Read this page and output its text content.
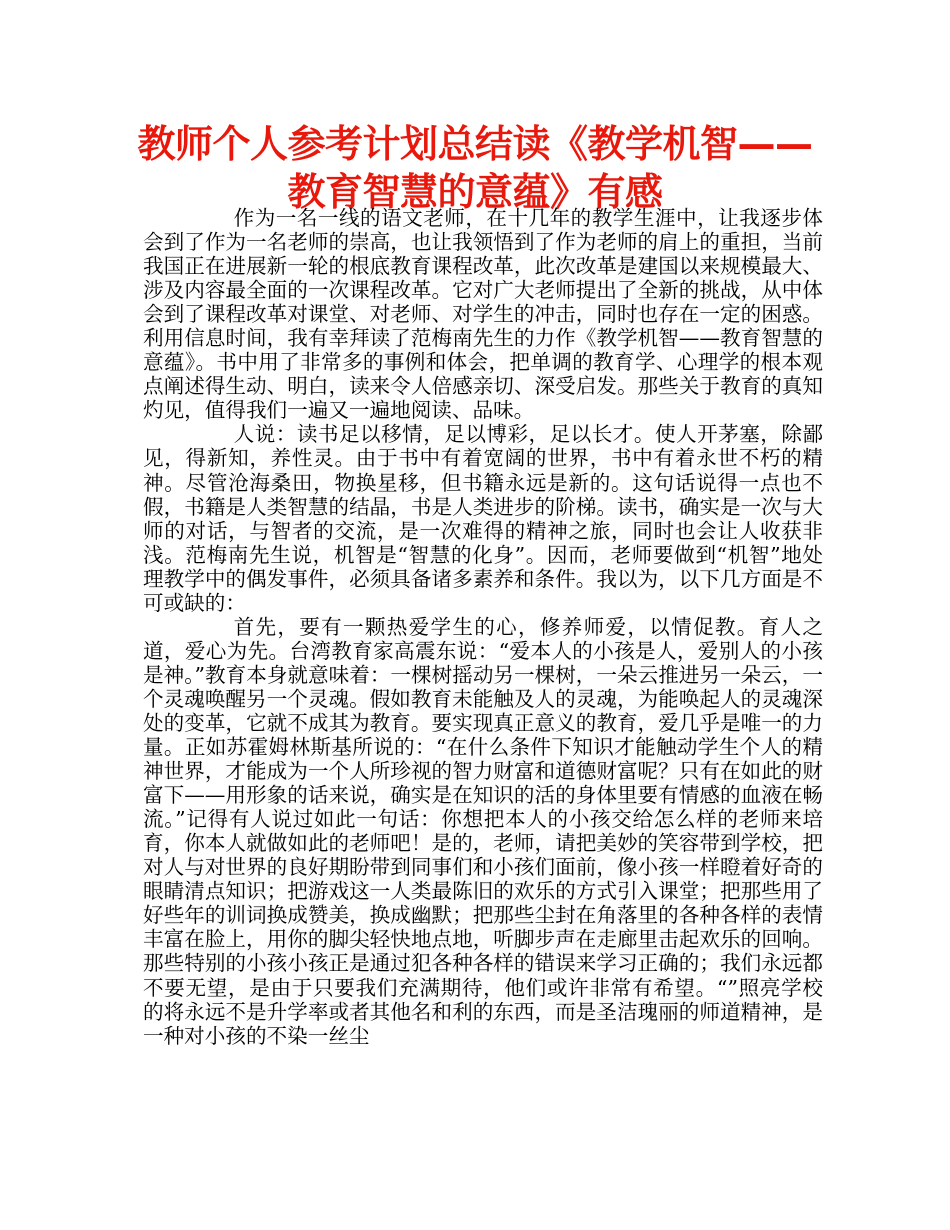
教师个人参考计划总结读《教学机智——
教育智慧的意蕴》有感

作为一名一线的语文老师，在十几年的教学生涯中，让我逐步体会到了作为一名老师的崇高，也让我领悟到了作为老师的肩上的重担，当前我国正在进展新一轮的根底教育课程改革，此次改革是建国以来规模最大、涉及内容最全面的一次课程改革。它对广大老师提出了全新的挑战，从中体会到了课程改革对课堂、对老师、对学生的冲击，同时也存在一定的困惑。利用信息时间，我有幸拜读了范梅南先生的力作《教学机智——教育智慧的意蕴》。书中用了非常多的事例和体会，把单调的教育学、心理学的根本观点阐述得生动、明白，读来令人倍感亲切、深受启发。那些关于教育的真知灼见，值得我们一遍又一遍地阅读、品味。

人说：读书足以移情，足以博彩，足以长才。使人开茅塞，除鄙见，得新知，养性灵。由于书中有着宽阔的世界，书中有着永世不朽的精神。尽管沧海桑田，物换星移，但书籍永远是新的。这句话说得一点也不假，书籍是人类智慧的结晶，书是人类进步的阶梯。读书，确实是一次与大师的对话，与智者的交流，是一次难得的精神之旅，同时也会让人收获非浅。范梅南先生说，机智是“智慧的化身”。因而，老师要做到“机智”地处理教学中的偶发事件，必须具备诸多素养和条件。我以为，以下几方面是不可或缺的：

首先，要有一颗热爱学生的心，修养师爱，以情促教。育人之道，爱心为先。台湾教育家高震东说：“爱本人的小孩是人，爱别人的小孩是神。”教育本身就意味着：一棵树摇动另一棵树，一朵云推进另一朵云，一个灵魂唤醒另一个灵魂。假如教育未能触及人的灵魂，为能唤起人的灵魂深处的变革，它就不成其为教育。要实现真正意义的教育，爱几乎是唯一的力量。正如苏霍姆林斯基所说的：“在什么条件下知识才能触动学生个人的精神世界，才能成为一个人所珍视的智力财富和道德财富呢？只有在如此的财富下——用形象的话来说，确实是在知识的活的身体里要有情感的血液在畅流。”记得有人说过如此一句话：你想把本人的小孩交给怎么样的老师来培育，你本人就做如此的老师吧！是的，老师，请把美妙的笑容带到学校，把对人与对世界的良好期盼带到同事们和小孩们面前，像小孩一样瞪着好奇的眼睛清点知识；把游戏这一人类最陈旧的欢乐的方式引入课堂；把那些用了好些年的训词换成赞美，换成幽默；把那些尘封在角落里的各种各样的表情丰富在脸上，用你的脚尖轻快地点地，听脚步声在走廊里击起欢乐的回响。那些特别的小孩小孩正是通过犯各种各样的错误来学习正确的；我们永远都不要无望，是由于只要我们充满期待，他们或许非常有希望。“”照亮学校的将永远不是升学率或者其他名和利的东西，而是圣洁瑰丽的师道精神，是一种对小孩的不染一丝尘
